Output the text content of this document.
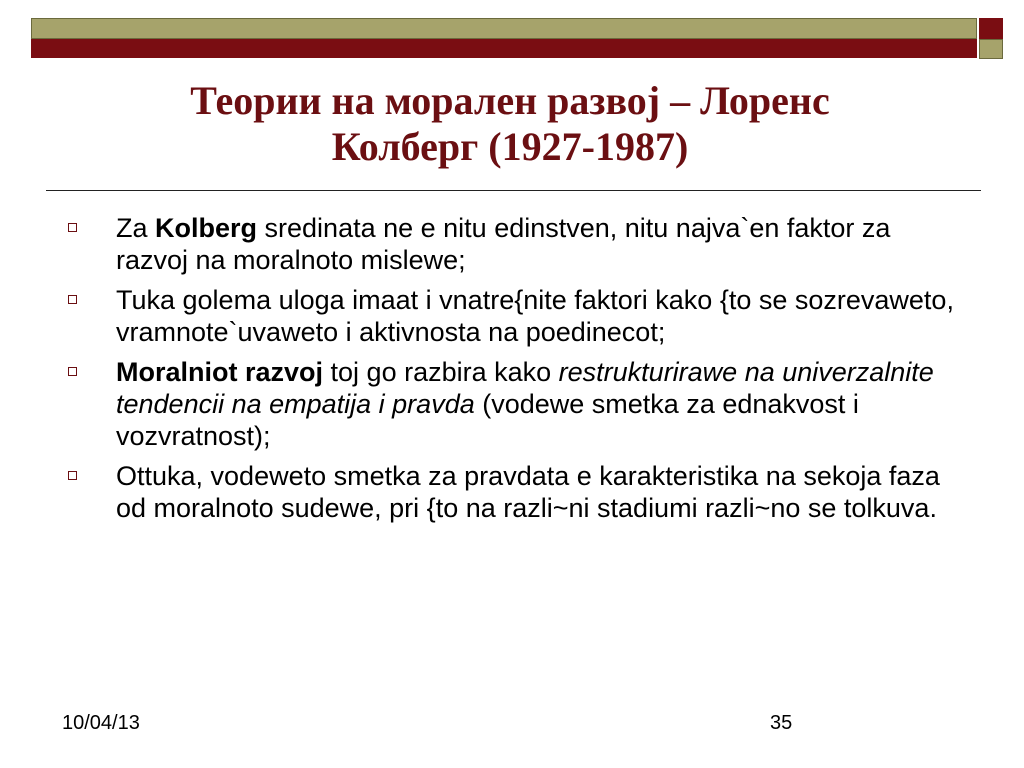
Теории на морален развој – Лоренс
Колберг (1927-1987)
Za Kolberg sredinata ne e nitu edinstven, nitu najva`en faktor za razvoj na moralnoto mislewe;
Tuka golema uloga imaat i vnatre{nite faktori kako {to se sozrevaweto, vramnote`uvaweto i aktivnosta na poedinecot;
Moralniot razvoj toj go razbira kako restrukturirawe na univerzalnite tendencii na empatija i pravda (vodewe smetka za ednakvost i vozvratnost);
Ottuka, vodeweto smetka za pravdata e karakteristika na sekoja faza od moralnoto sudewe, pri {to na razli~ni stadiumi razli~no se tolkuva.
10/04/13	35
